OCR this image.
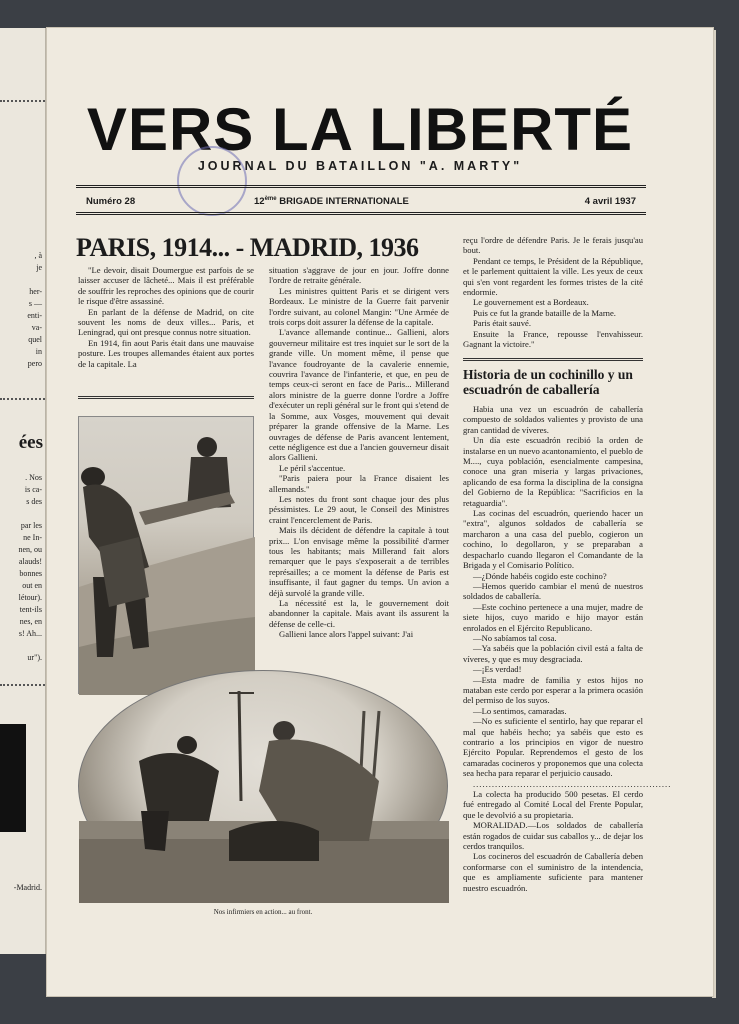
, à
je
her-
s —
enti-
va-
quel
in
pero
ées
. Nos
is ca-
s des
par les
ne In-
nen, ou
alauds!
bonnes
out en
létour).
tent-ils
nes, en
s! Ah...
ur").
-Madrid.
VERS LA LIBERTÉ
JOURNAL DU BATAILLON "A. MARTY"
Numéro 28	12ème BRIGADE INTERNATIONALE	4 avril 1937
PARIS, 1914... - MADRID, 1936

"Le devoir, disait Doumergue est parfois de se laisser accuser de lâcheté... Mais il est préférable de souffrir les reproches des opinions que de courir le risque d'être assassiné.

En parlant de la défense de Madrid, on cite souvent les noms de deux villes... Paris, et Leningrad, qui ont presque connus notre situation.

En 1914, fin aout Paris était dans une mauvaise posture. Les troupes allemandes étaient aux portes de la capitale. La

situation s'aggrave de jour en jour. Joffre donne l'ordre de retraite générale.

Les ministres quittent Paris et se dirigent vers Bordeaux. Le ministre de la Guerre fait parvenir l'ordre suivant, au colonel Mangin: "Une Armée de trois corps doit assurer la défense de la capitale.

L'avance allemande continue... Gallieni, alors gouverneur militaire est tres inquiet sur le sort de la grande ville. Un moment même, il pense que l'avance foudroyante de la cavalerie ennemie, couvrira l'avance de l'infanterie, et que, en peu de temps ceux-ci seront en face de Paris... Millerand alors ministre de la guerre donne l'ordre a Joffre d'exécuter un repli général sur le front qui s'etend de la Somme, aux Vosges, mouvement qui devait préparer la grande offensive de la Marne. Les ouvrages de défense de Paris avancent lentement, cette négligence est due a l'ancien gouverneur disait alors Gallieni.

Le péril s'accentue.

"Paris paiera pour la France disaient les allemands."

Les notes du front sont chaque jour des plus péssimistes. Le 29 aout, le Conseil des Ministres craint l'encerclement de Paris.

Mais ils décident de défendre la capitale à tout prix... L'on envisage même la possibilité d'armer tous les habitants; mais Millerand fait alors remarquer que le pays s'exposerait a de terribles représailles; a ce moment la défense de Paris est insuffisante, il faut gagner du temps. Un avion a déjà survolé la grande ville.

La nécessité est la, le gouvernement doit abandonner la capitale. Mais avant ils assurent la défense de celle-ci.

Gallieni lance alors l'appel suivant: J'ai

reçu l'ordre de défendre Paris. Je le ferais jusqu'au bout.

Pendant ce temps, le Président de la République, et le parlement quittaient la ville. Les yeux de ceux qui s'en vont regardent les formes tristes de la cité endormie.

Le gouvernement est a Bordeaux.

Puis ce fut la grande bataille de la Marne.

Paris était sauvé.

Ensuite la France, repousse l'envahisseur. Gagnant la victoire."

Historia de un cochinillo y un escuadrón de caballería

Habia una vez un escuadrón de caballería compuesto de soldados valientes y provisto de una gran cantidad de víveres.

Un día este escuadrón recibió la orden de instalarse en un nuevo acantonamiento, el pueblo de M...., cuya población, esencialmente campesina, conoce una gran miseria y largas privaciones, aplicando de esa forma la disciplina de la consigna del Gobierno de la República: "Sacrificios en la retaguardia".

Las cocinas del escuadrón, queriendo hacer un "extra", algunos soldados de caballería se marcharon a una casa del pueblo, cogieron un cochino, lo degollaron, y se preparaban a despacharlo cuando llegaron el Comandante de la Brigada y el Comisario Político.

—¿Dónde habéis cogido este cochino?

—Hemos querido cambiar el menú de nuestros soldados de caballería.

—Este cochino pertenece a una mujer, madre de siete hijos, cuyo marido e hijo mayor están enrolados en el Ejército Republicano.

—No sabíamos tal cosa.

—Ya sabéis que la población civil está a falta de víveres, y que es muy desgraciada.

—¡Es verdad!

—Esta madre de familia y estos hijos no mataban este cerdo por esperar a la primera ocasión del permiso de los suyos.

—Lo sentimos, camaradas.

—No es suficiente el sentirlo, hay que reparar el mal que habéis hecho; ya sabéis que esto es contrario a los principios en vigor de nuestro Ejército Popular. Reprendemos el gesto de los camaradas cocineros y proponemos que una colecta sea hecha para reparar el perjuicio causado.

...............................................................

La colecta ha producido 500 pesetas. El cerdo fué entregado al Comité Local del Frente Popular, que le devolvió a su propietaria.

MORALIDAD.—Los soldados de caballería están rogados de cuidar sus caballos y... de dejar los cerdos tranquilos.

Los cocineros del escuadrón de Caballería deben conformarse con el suministro de la intendencia, que es ampliamente suficiente para mantener nuestro escuadrón.

Nos infirmiers en action... au front.
